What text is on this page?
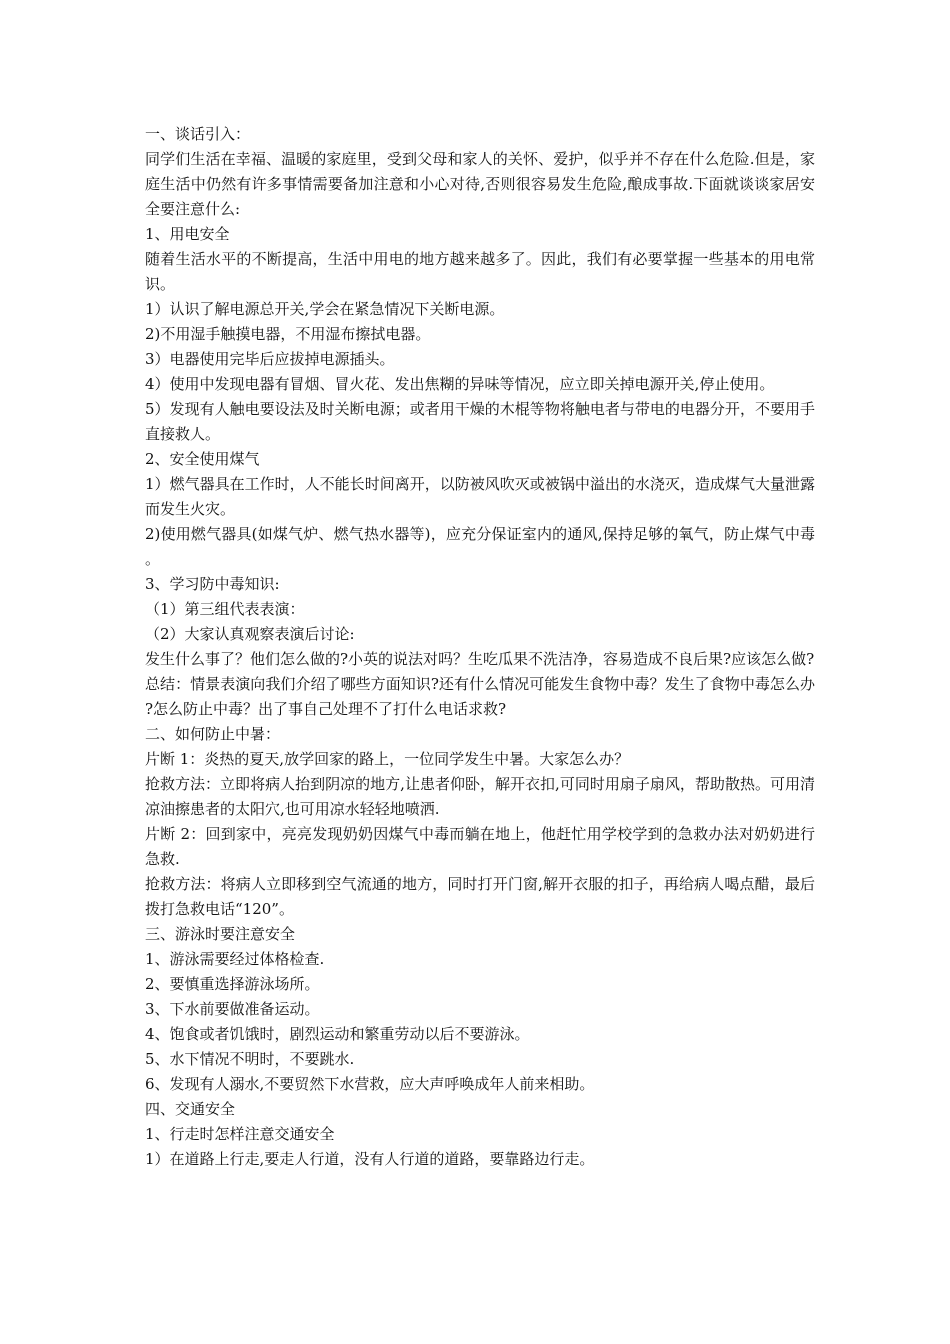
一、谈话引入：

同学们生活在幸福、温暖的家庭里，受到父母和家人的关怀、爱护，似乎并不存在什么危险.但是，家庭生活中仍然有许多事情需要备加注意和小心对待,否则很容易发生危险,酿成事故.下面就谈谈家居安全要注意什么:

1、用电安全

随着生活水平的不断提高，生活中用电的地方越来越多了。因此，我们有必要掌握一些基本的用电常识。

1）认识了解电源总开关,学会在紧急情况下关断电源。

2)不用湿手触摸电器，不用湿布擦拭电器。

3）电器使用完毕后应拔掉电源插头。

4）使用中发现电器有冒烟、冒火花、发出焦糊的异味等情况，应立即关掉电源开关,停止使用。

5）发现有人触电要设法及时关断电源；或者用干燥的木棍等物将触电者与带电的电器分开，不要用手直接救人。

2、安全使用煤气

1）燃气器具在工作时，人不能长时间离开，以防被风吹灭或被锅中溢出的水浇灭，造成煤气大量泄露而发生火灾。

2)使用燃气器具(如煤气炉、燃气热水器等)，应充分保证室内的通风,保持足够的氧气，防止煤气中毒。

3、学习防中毒知识:

（1）第三组代表表演：

（2）大家认真观察表演后讨论:

发生什么事了？他们怎么做的?小英的说法对吗？生吃瓜果不洗洁净，容易造成不良后果?应该怎么做?

总结：情景表演向我们介绍了哪些方面知识?还有什么情况可能发生食物中毒？发生了食物中毒怎么办?怎么防止中毒？出了事自己处理不了打什么电话求救?

二、如何防止中暑：

片断 1：炎热的夏天,放学回家的路上，一位同学发生中暑。大家怎么办？

抢救方法：立即将病人抬到阴凉的地方,让患者仰卧，解开衣扣,可同时用扇子扇风，帮助散热。可用清凉油擦患者的太阳穴,也可用凉水轻轻地喷洒.

片断 2：回到家中，亮亮发现奶奶因煤气中毒而躺在地上，他赶忙用学校学到的急救办法对奶奶进行急救.

抢救方法：将病人立即移到空气流通的地方，同时打开门窗,解开衣服的扣子，再给病人喝点醋，最后拨打急救电话“120”。

三、游泳时要注意安全

1、游泳需要经过体格检查.

2、要慎重选择游泳场所。

3、下水前要做准备运动。

4、饱食或者饥饿时，剧烈运动和繁重劳动以后不要游泳。

5、水下情况不明时，不要跳水.

6、发现有人溺水,不要贸然下水营救，应大声呼唤成年人前来相助。

四、交通安全

1、行走时怎样注意交通安全

1）在道路上行走,要走人行道，没有人行道的道路，要靠路边行走。
